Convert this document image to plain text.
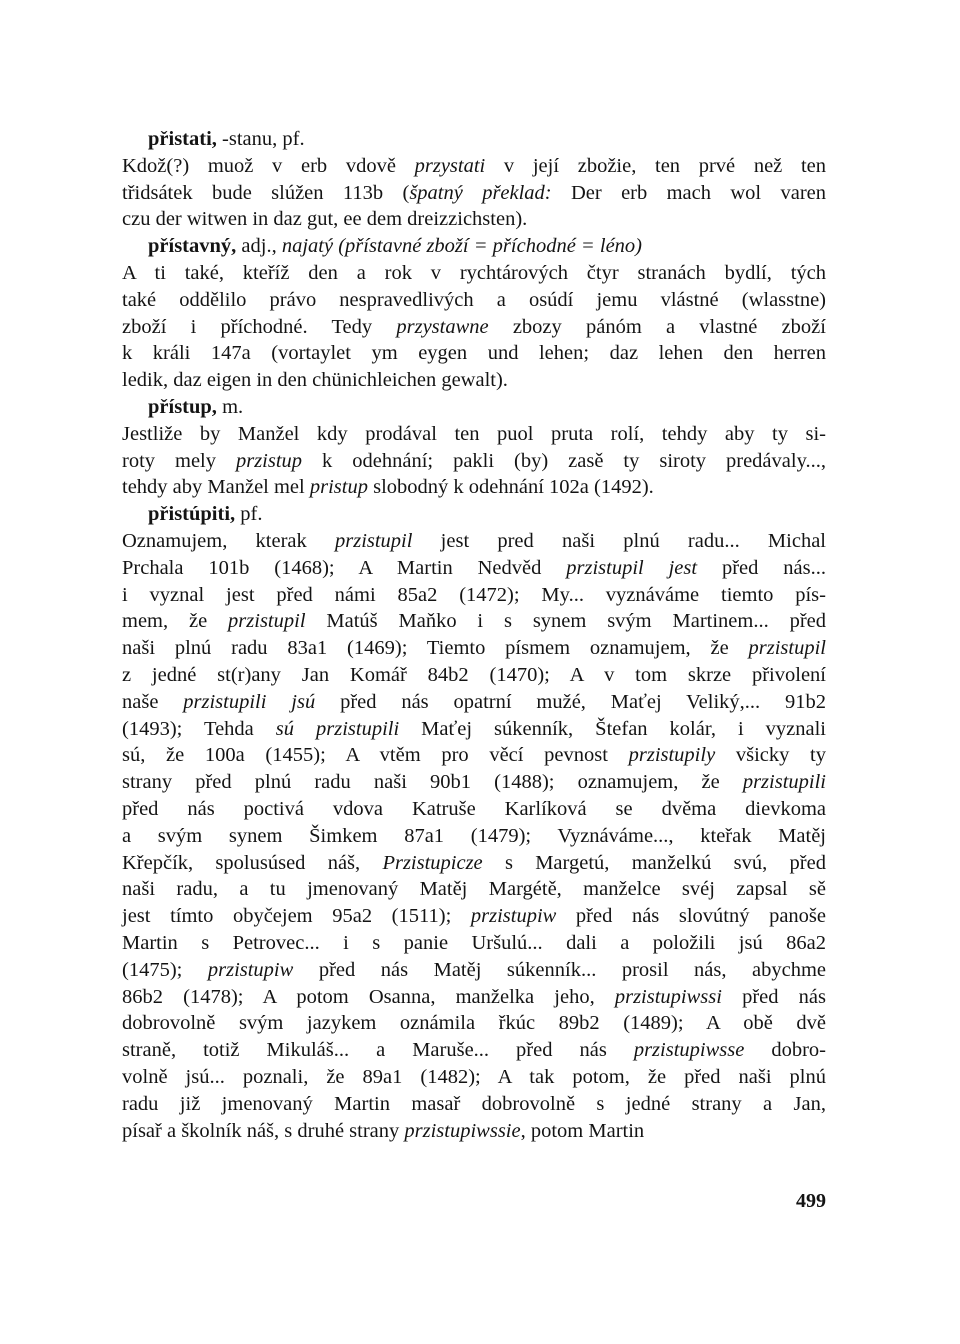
přistati, -stanu, pf.
Kdož(?) muož v erb vdově przystati v její zbožie, ten prvé než ten
třidsátek bude slúžen 113b (špatný překlad: Der erb mach wol varen
czu der witwen in daz gut, ee dem dreizzichsten).
přístavný, adj., najatý (přístavné zboží = příchodné = léno)
A ti také, kteříž den a rok v rychtárových čtyr stranách bydlí, tých
také oddělilo právo nespravedlivých a osúdí jemu vlástné (wlasstne)
zboží i příchodné. Tedy przystawne zbozy pánóm a vlastné zboží
k králi 147a (vortaylet ym eygen und lehen; daz lehen den herren
ledik, daz eigen in den chünichleichen gewalt).
přístup, m.
Jestliže by Manžel kdy prodával ten puol pruta rolí, tehdy aby ty si-
roty mely przistup k odehnání; pakli (by) zasě ty siroty predávaly...,
tehdy aby Manžel mel pristup slobodný k odehnání 102a (1492).
přistúpiti, pf.
Oznamujem, kterak przistupil jest pred naši plnú radu... Michal
Prchala 101b (1468); A Martin Nedvěd przistupil jest před nás...
i vyznal jest před námi 85a2 (1472); My... vyznáváme tiemto pís-
mem, že przistupil Matúš Maňko i s synem svým Martinem... před
naši plnú radu 83a1 (1469); Tiemto písmem oznamujem, že przistupil
z jedné st(r)any Jan Komář 84b2 (1470); A v tom skrze přivolení
naše przistupili jsú před nás opatrní mužé, Maťej Veliký,... 91b2
(1493); Tehda sú przistupili Maťej súkenník, Štefan kolár, i vyznali
sú, že 100a (1455); A vtěm pro věcí pevnost przistupily všicky ty
strany před plnú radu naši 90b1 (1488); oznamujem, že przistupili
před nás poctivá vdova Katruše Karlíková se dvěma dievkoma
a svým synem Šimkem 87a1 (1479); Vyznáváme..., kteřak Matěj
Křepčík, spolusúsed náš, Przistupicze s Margetú, manželkú svú, před
naši radu, a tu jmenovaný Matěj Margétě, manželce svéj zapsal sě
jest tímto obyčejem 95a2 (1511); przistupiw před nás slovútný panoše
Martin s Petrovec... i s panie Uršulú... dali a položili jsú 86a2
(1475); przistupiw před nás Matěj súkenník... prosil nás, abychme
86b2 (1478); A potom Osanna, manželka jeho, przistupiwssi před nás
dobrovolně svým jazykem oznámila řkúc 89b2 (1489); A obě dvě
straně, totiž Mikuláš... a Maruše... před nás przistupiwsse dobro-
volně jsú... poznali, že 89a1 (1482); A tak potom, že před naši plnú
radu již jmenovaný Martin masař dobrovolně s jedné strany a Jan,
písař a školník náš, s druhé strany przistupiwssie, potom Martin
499
